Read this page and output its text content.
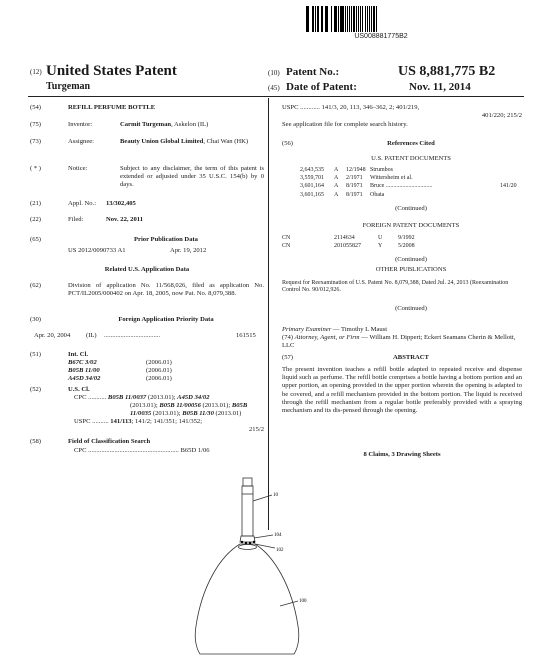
US008881775B2
(12) United States Patent
Turgeman
(10) Patent No.:	US 8,881,775 B2
(45) Date of Patent:	Nov. 11, 2014
(54)	REFILL PERFUME BOTTLE
(75)	Inventor:	Carmit Turgeman, Askelon (IL)
(73)	Assignee:	Beauty Union Global Limited, Chai Wan (HK)
( * )	Notice:	Subject to any disclaimer, the term of this patent is extended or adjusted under 35 U.S.C. 154(b) by 0 days.
(21)	Appl. No.: 13/302,405
(22)	Filed:	Nov. 22, 2011
(65)	Prior Publication Data
US 2012/0090733 A1	Apr. 19, 2012
Related U.S. Application Data
(62)	Division of application No. 11/568,026, filed as application No. PCT/IL2005/000402 on Apr. 18, 2005, now Pat. No. 8,079,388.
(30)	Foreign Application Priority Data
Apr. 20, 2004 (IL) ..................................	161515
(51)	Int. Cl.
B67C 3/02	(2006.01)
B05B 11/00	(2006.01)
A45D 34/02	(2006.01)
(52)	U.S. Cl.
CPC ........... B05B 11/0037 (2013.01); A45D 34/02
(2013.01); B05B 11/00056 (2013.01); B05B
11/0035 (2013.01); B05B 11/30 (2013.01)
USPC .......... 141/113; 141/2; 141/351; 141/352;
215/2
(58)	Field of Classification Search
CPC ....................................................... B65D 1/06
USPC ............ 141/3, 20, 113, 346–362, 2; 401/219,
401/220; 215/2
See application file for complete search history.
(56)	References Cited
U.S. PATENT DOCUMENTS
2,643,535 A 12/1948 Strumbos
3,559,701 A 2/1971 Wittersheim et al.
3,601,164 A 8/1971 Bruce ...............................	141/20
3,601,165 A 8/1971 Obata
(Continued)
FOREIGN PATENT DOCUMENTS
CN	2114634	U	9/1992
CN	201055827	Y	5/2008
(Continued)
OTHER PUBLICATIONS
Request for Reexamination of U.S. Patent No. 8,079,388, Dated Jul. 24, 2013 (Reexamination Control No. 90/012,926.
(Continued)
Primary Examiner — Timothy L Maust
(74) Attorney, Agent, or Firm — William H. Dippert; Eckert Seamans Cherin & Mellott, LLC
(57)	ABSTRACT
The present invention teaches a refill bottle adapted to repeated receive and dispense liquid such as perfume. The refill bottle comprises a bottle having a bottom portion and an upper portion, an opening provided in the upper portion wherein the opening is adapted to be covered, and a refill mechanism provided in the bottom portion. The liquid is received through the refill mechanism from a regular bottle preferably provided with a spraying mechanism and its dis-pensed through the opening.
8 Claims, 3 Drawing Sheets
10
104
102
100
